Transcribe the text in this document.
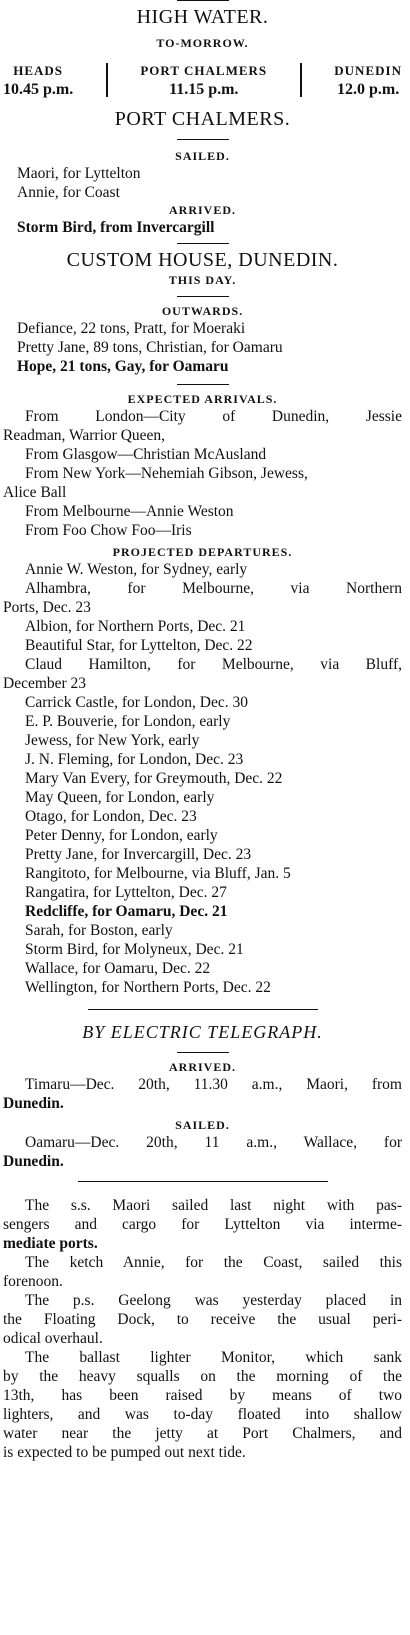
HIGH WATER.
TO-MORROW.
HEADS
10.45 p.m.
PORT CHALMERS
11.15 p.m.
DUNEDIN
12.0 p.m.
PORT CHALMERS.
SAILED.
Maori, for Lyttelton
Annie, for Coast
ARRIVED.
Storm Bird, from Invercargill
CUSTOM HOUSE, DUNEDIN.
THIS DAY.
OUTWARDS.
Defiance, 22 tons, Pratt, for Moeraki
Pretty Jane, 89 tons, Christian, for Oamaru
Hope, 21 tons, Gay, for Oamaru
EXPECTED ARRIVALS.
From London—City of Dunedin, Jessie
Readman, Warrior Queen,
From Glasgow—Christian McAusland
From New York—Nehemiah Gibson, Jewess,
Alice Ball
From Melbourne—Annie Weston
From Foo Chow Foo—Iris
PROJECTED DEPARTURES.
Annie W. Weston, for Sydney, early
Alhambra, for Melbourne, via Northern
Ports, Dec. 23
Albion, for Northern Ports, Dec. 21
Beautiful Star, for Lyttelton, Dec. 22
Claud Hamilton, for Melbourne, via Bluff,
December 23
Carrick Castle, for London, Dec. 30
E. P. Bouverie, for London, early
Jewess, for New York, early
J. N. Fleming, for London, Dec. 23
Mary Van Every, for Greymouth, Dec. 22
May Queen, for London, early
Otago, for London, Dec. 23
Peter Denny, for London, early
Pretty Jane, for Invercargill, Dec. 23
Rangitoto, for Melbourne, via Bluff, Jan. 5
Rangatira, for Lyttelton, Dec. 27
Redcliffe, for Oamaru, Dec. 21
Sarah, for Boston, early
Storm Bird, for Molyneux, Dec. 21
Wallace, for Oamaru, Dec. 22
Wellington, for Northern Ports, Dec. 22
BY ELECTRIC TELEGRAPH.
ARRIVED.
Timaru—Dec. 20th, 11.30 a.m., Maori, from
Dunedin.
SAILED.
Oamaru—Dec. 20th, 11 a.m., Wallace, for
Dunedin.
The s.s. Maori sailed last night with pas-
sengers and cargo for Lyttelton via interme-
mediate ports.
The ketch Annie, for the Coast, sailed this
forenoon.
The p.s. Geelong was yesterday placed in
the Floating Dock, to receive the usual peri-
odical overhaul.
The ballast lighter Monitor, which sank
by the heavy squalls on the morning of the
13th, has been raised by means of two
lighters, and was to-day floated into shallow
water near the jetty at Port Chalmers, and
is expected to be pumped out next tide.
